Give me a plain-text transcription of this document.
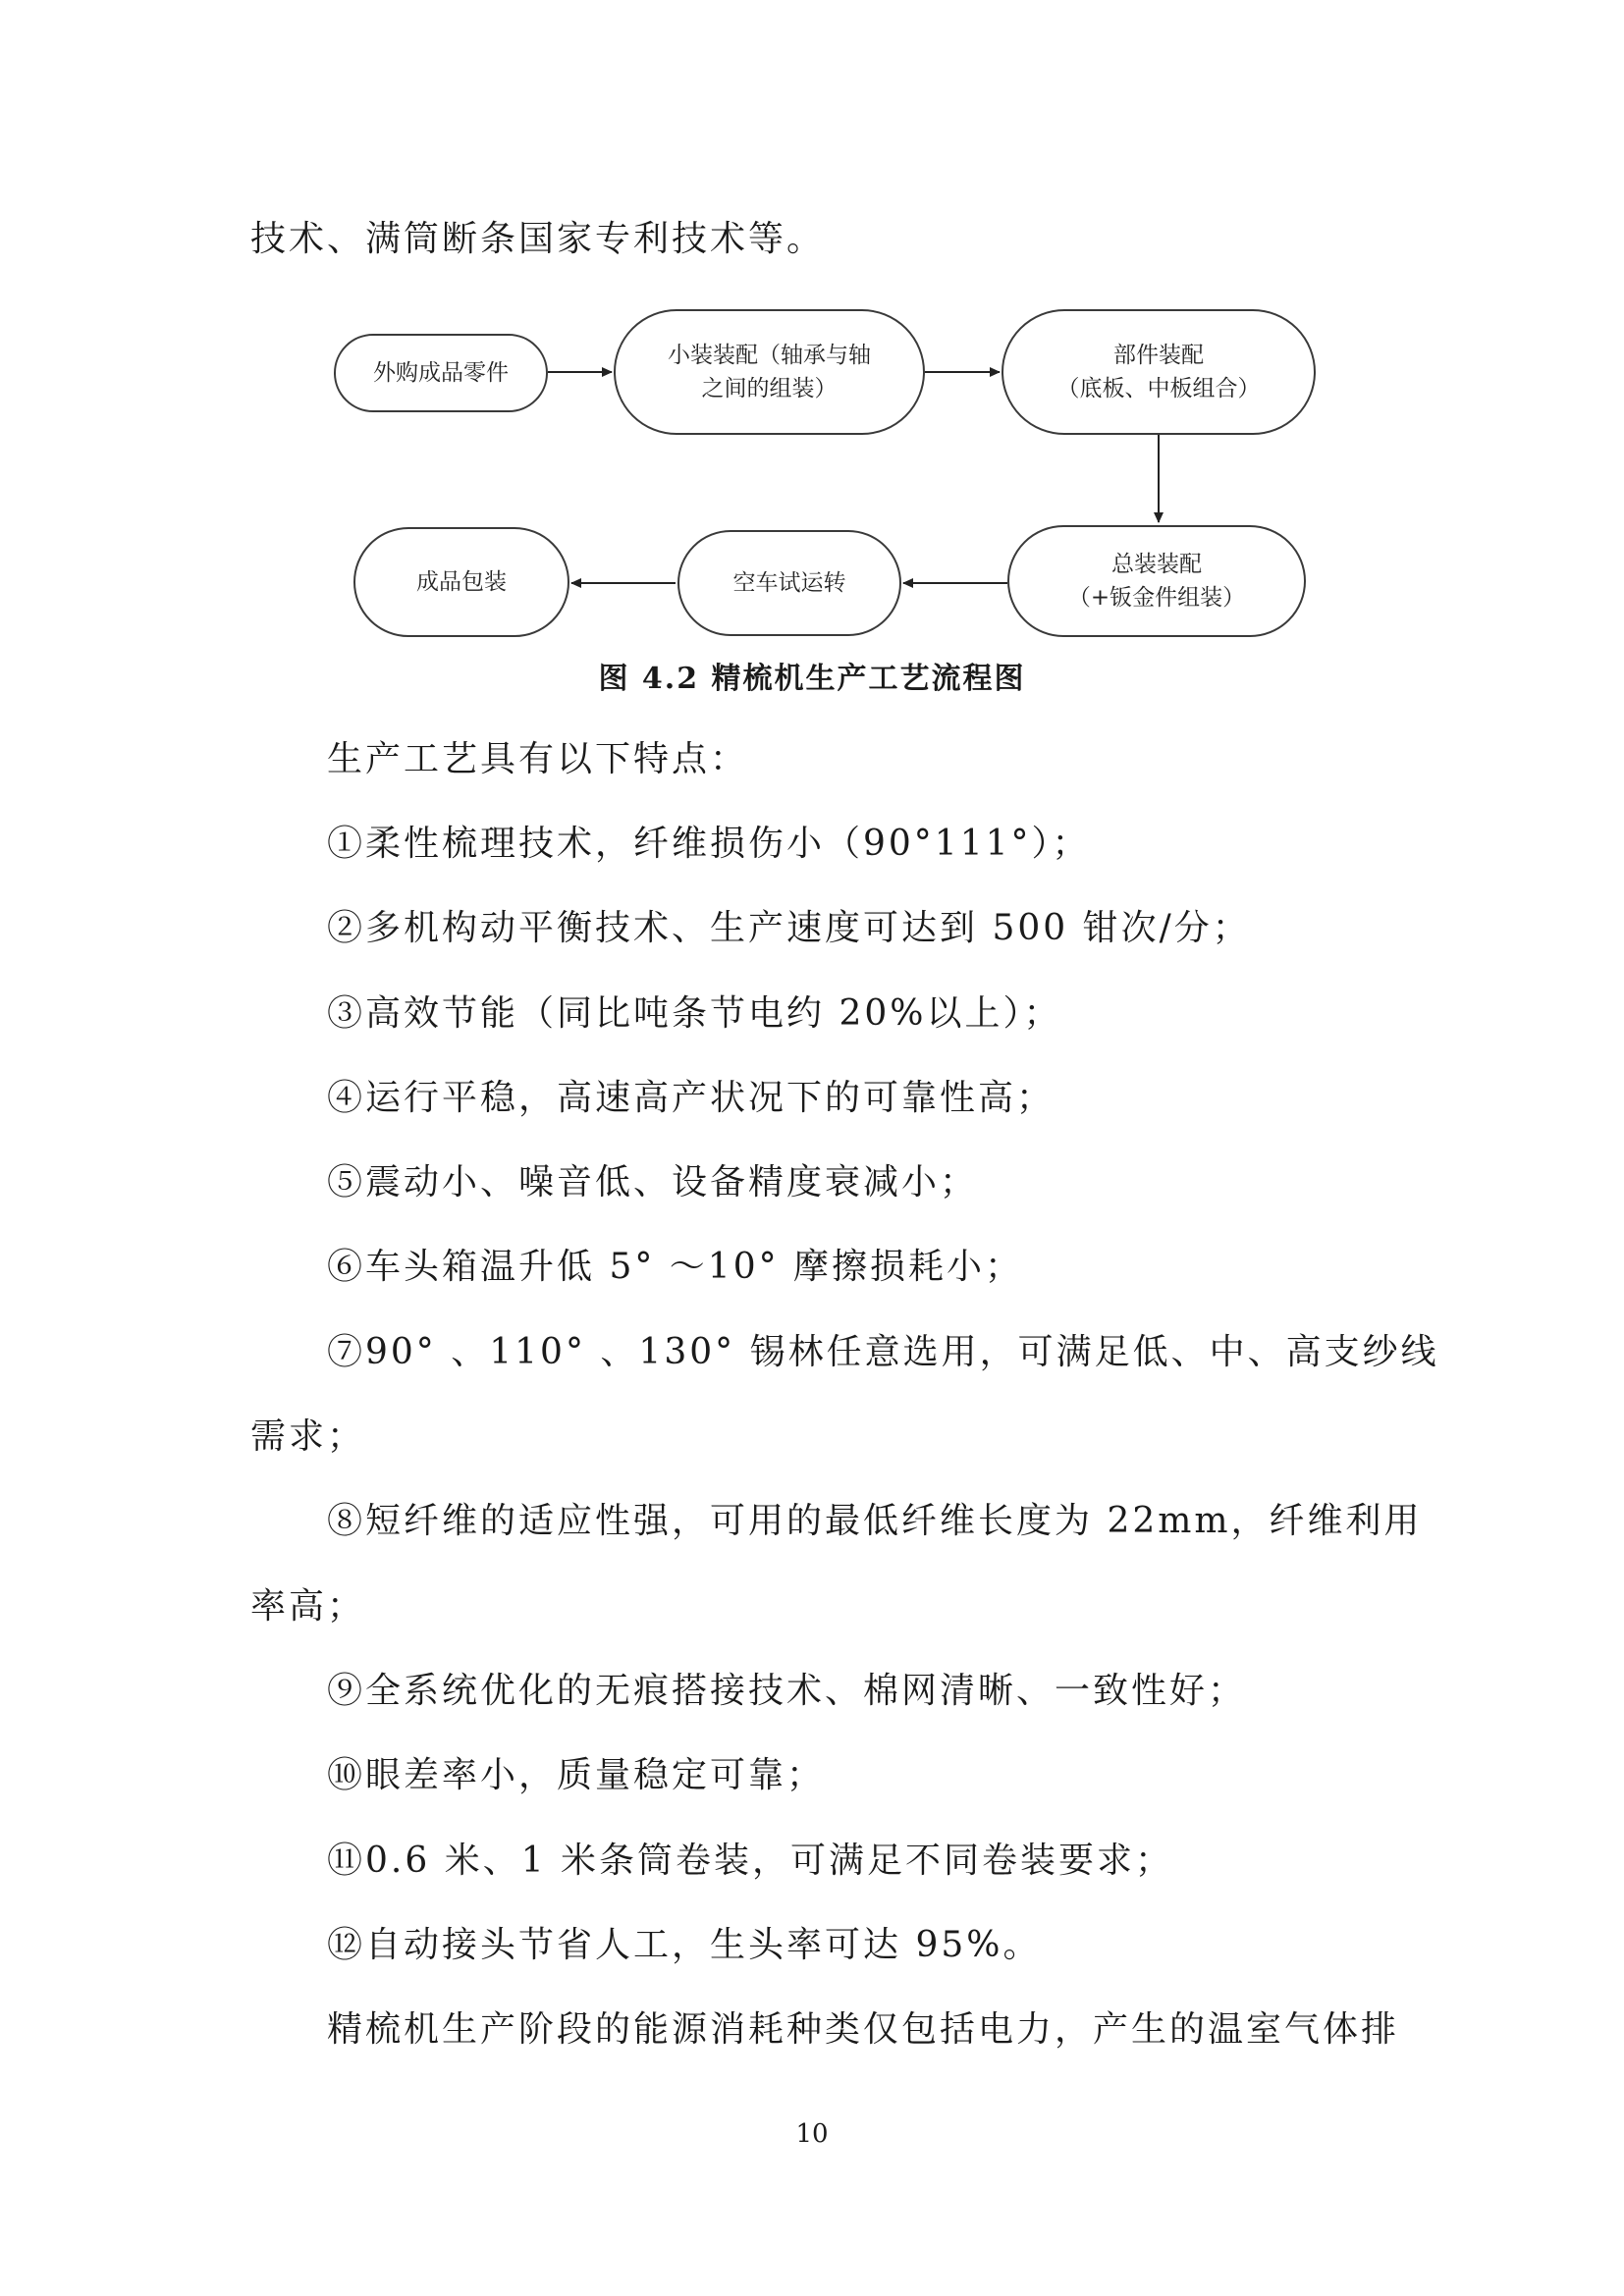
技术、满筒断条国家专利技术等。
外购成品零件
小装装配（轴承与轴
之间的组装）
部件装配
（底板、中板组合）
总装装配
（+钣金件组装）
空车试运转
成品包装
图 4.2 精梳机生产工艺流程图
生产工艺具有以下特点：
①柔性梳理技术，纤维损伤小（90°111°）；
②多机构动平衡技术、生产速度可达到 500 钳次/分；
③高效节能（同比吨条节电约 20%以上）；
④运行平稳，高速高产状况下的可靠性高；
⑤震动小、噪音低、设备精度衰减小；
⑥车头箱温升低 5° ～10° 摩擦损耗小；
⑦90° 、110° 、130° 锡林任意选用，可满足低、中、高支纱线
需求；
⑧短纤维的适应性强，可用的最低纤维长度为 22mm，纤维利用
率高；
⑨全系统优化的无痕搭接技术、棉网清晰、一致性好；
⑩眼差率小，质量稳定可靠；
⑪0.6 米、1 米条筒卷装，可满足不同卷装要求；
⑫自动接头节省人工，生头率可达 95%。
精梳机生产阶段的能源消耗种类仅包括电力，产生的温室气体排
10
